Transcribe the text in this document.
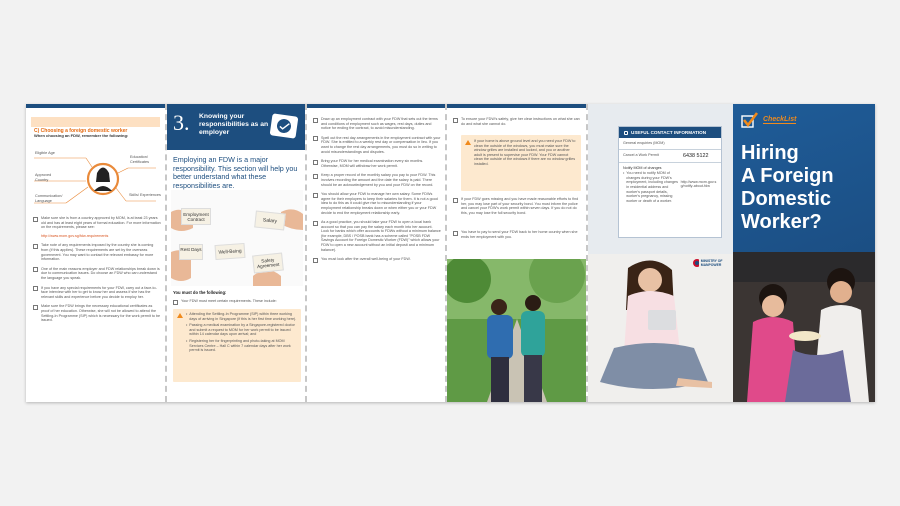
C) Choosing a foreign domestic worker
When choosing an FDW, remember the following:
Eligible Age
Education/ Certificates
Approved Country
Communication/ Language
Skills/ Experiences
Make sure she is from a country approved by MOM, is at least 23 years old and has at least eight years of formal education. For more information on the requirements, please see:
http://www.mom.gov.sg/fdw-requirements
Take note of any requirements imposed by the country she is coming from (if this applies). These requirements are set by the overseas government. You may want to contact the relevant embassy for more information.
One of the main reasons employer and FDW relationships break down is due to communication issues. Do choose an FDW who can understand the language you speak.
If you have any special requirements for your FDW, carry out a face-to-face interview with her to get to know her and assess if she has the relevant skills and experience before you decide to employ her.
Make sure the FDW brings the necessary educational certificates as proof of her education. Otherwise, she will not be allowed to attend the Settling-In Programme (SIP) which is necessary for the work permit to be issued.
3. Knowing your responsibilities as an employer
Employing an FDW is a major responsibility. This section will help you better understand what these responsibilities are.
Employment Contract	Salary
Rest Days	Well-Being
Safety Agreement
You must do the following:
Your FDW must meet certain requirements. These include:
• Attending the Settling-In Programme (SIP) within three working days of arriving in Singapore (if this is her first time working here).
• Passing a medical examination by a Singapore-registered doctor and submit a request to MOM for her work permit to be issued within 14 calendar days upon arrival; and
• Registering her for fingerprinting and photo-taking at MOM Services Centre – Hall C within 7 calendar days after her work permit is issued.
Draw up an employment contract with your FDW that sets out the terms and conditions of employment such as wages, rest days, duties and notice for ending the contract, to avoid misunderstanding.
Spell out the rest day arrangements in the employment contract with your FDW. She is entitled to a weekly rest day or compensation in lieu. If you want to change the rest day arrangements, you must do so in writing to avoid misunderstandings and disputes.
Bring your FDW for her medical examination every six months. Otherwise, MOM will withdraw her work permit.
Keep a proper record of the monthly salary you pay to your FDW. This involves recording the amount and the date the salary is paid. There should be an acknowledgement by you and your FDW on the record.
You should allow your FDW to manage her own salary. Some FDWs agree for their employers to keep their salaries for them. It is not a good idea to do this as it could give rise to misunderstanding if your employment relationship breaks down or when either you or your FDW decide to end the employment relationship early.
As a good practice, you should take your FDW to open a local bank account so that you can pay the salary each month into her account. Look for banks which offer accounts to FDWs without a minimum balance (for example, DBS / POSB bank has a scheme called "POSB FDW Savings Account for Foreign Domestic Worker (FDW)" which allows your FDW to open a new account without an initial deposit and a minimum balance).
You must look after the overall well-being of your FDW.
To ensure your FDW's safety, give her clear instructions on what she can do and what she cannot do.
If your home is above ground level and you need your FDW to clean the outside of the windows, you must make sure the window grilles are installed and locked, and you or another adult is present to supervise your FDW. Your FDW cannot clean the outside of the windows if there are no window grilles installed.
If your FDW goes missing and you have made reasonable efforts to find her, you may lose part of your security bond. You must inform the police and cancel your FDW's work permit within seven days. If you do not do this, you may lose the full security bond.
You have to pay to send your FDW back to her home country when she ends her employment with you.
USEFUL CONTACT INFORMATION
General enquiries (MOM)
Cancel a Work Permit	6438 5122
Notify MOM of changes
• You need to notify MOM of changes during your FDW's employment, including changes in residential address and worker's passport details, worker's pregnancy, missing worker or death of a worker.
http://www.mom.gov.sg/notify-about-fdw
MINISTRY OF MANPOWER
CheckList
Hiring
A Foreign
Domestic
Worker?
